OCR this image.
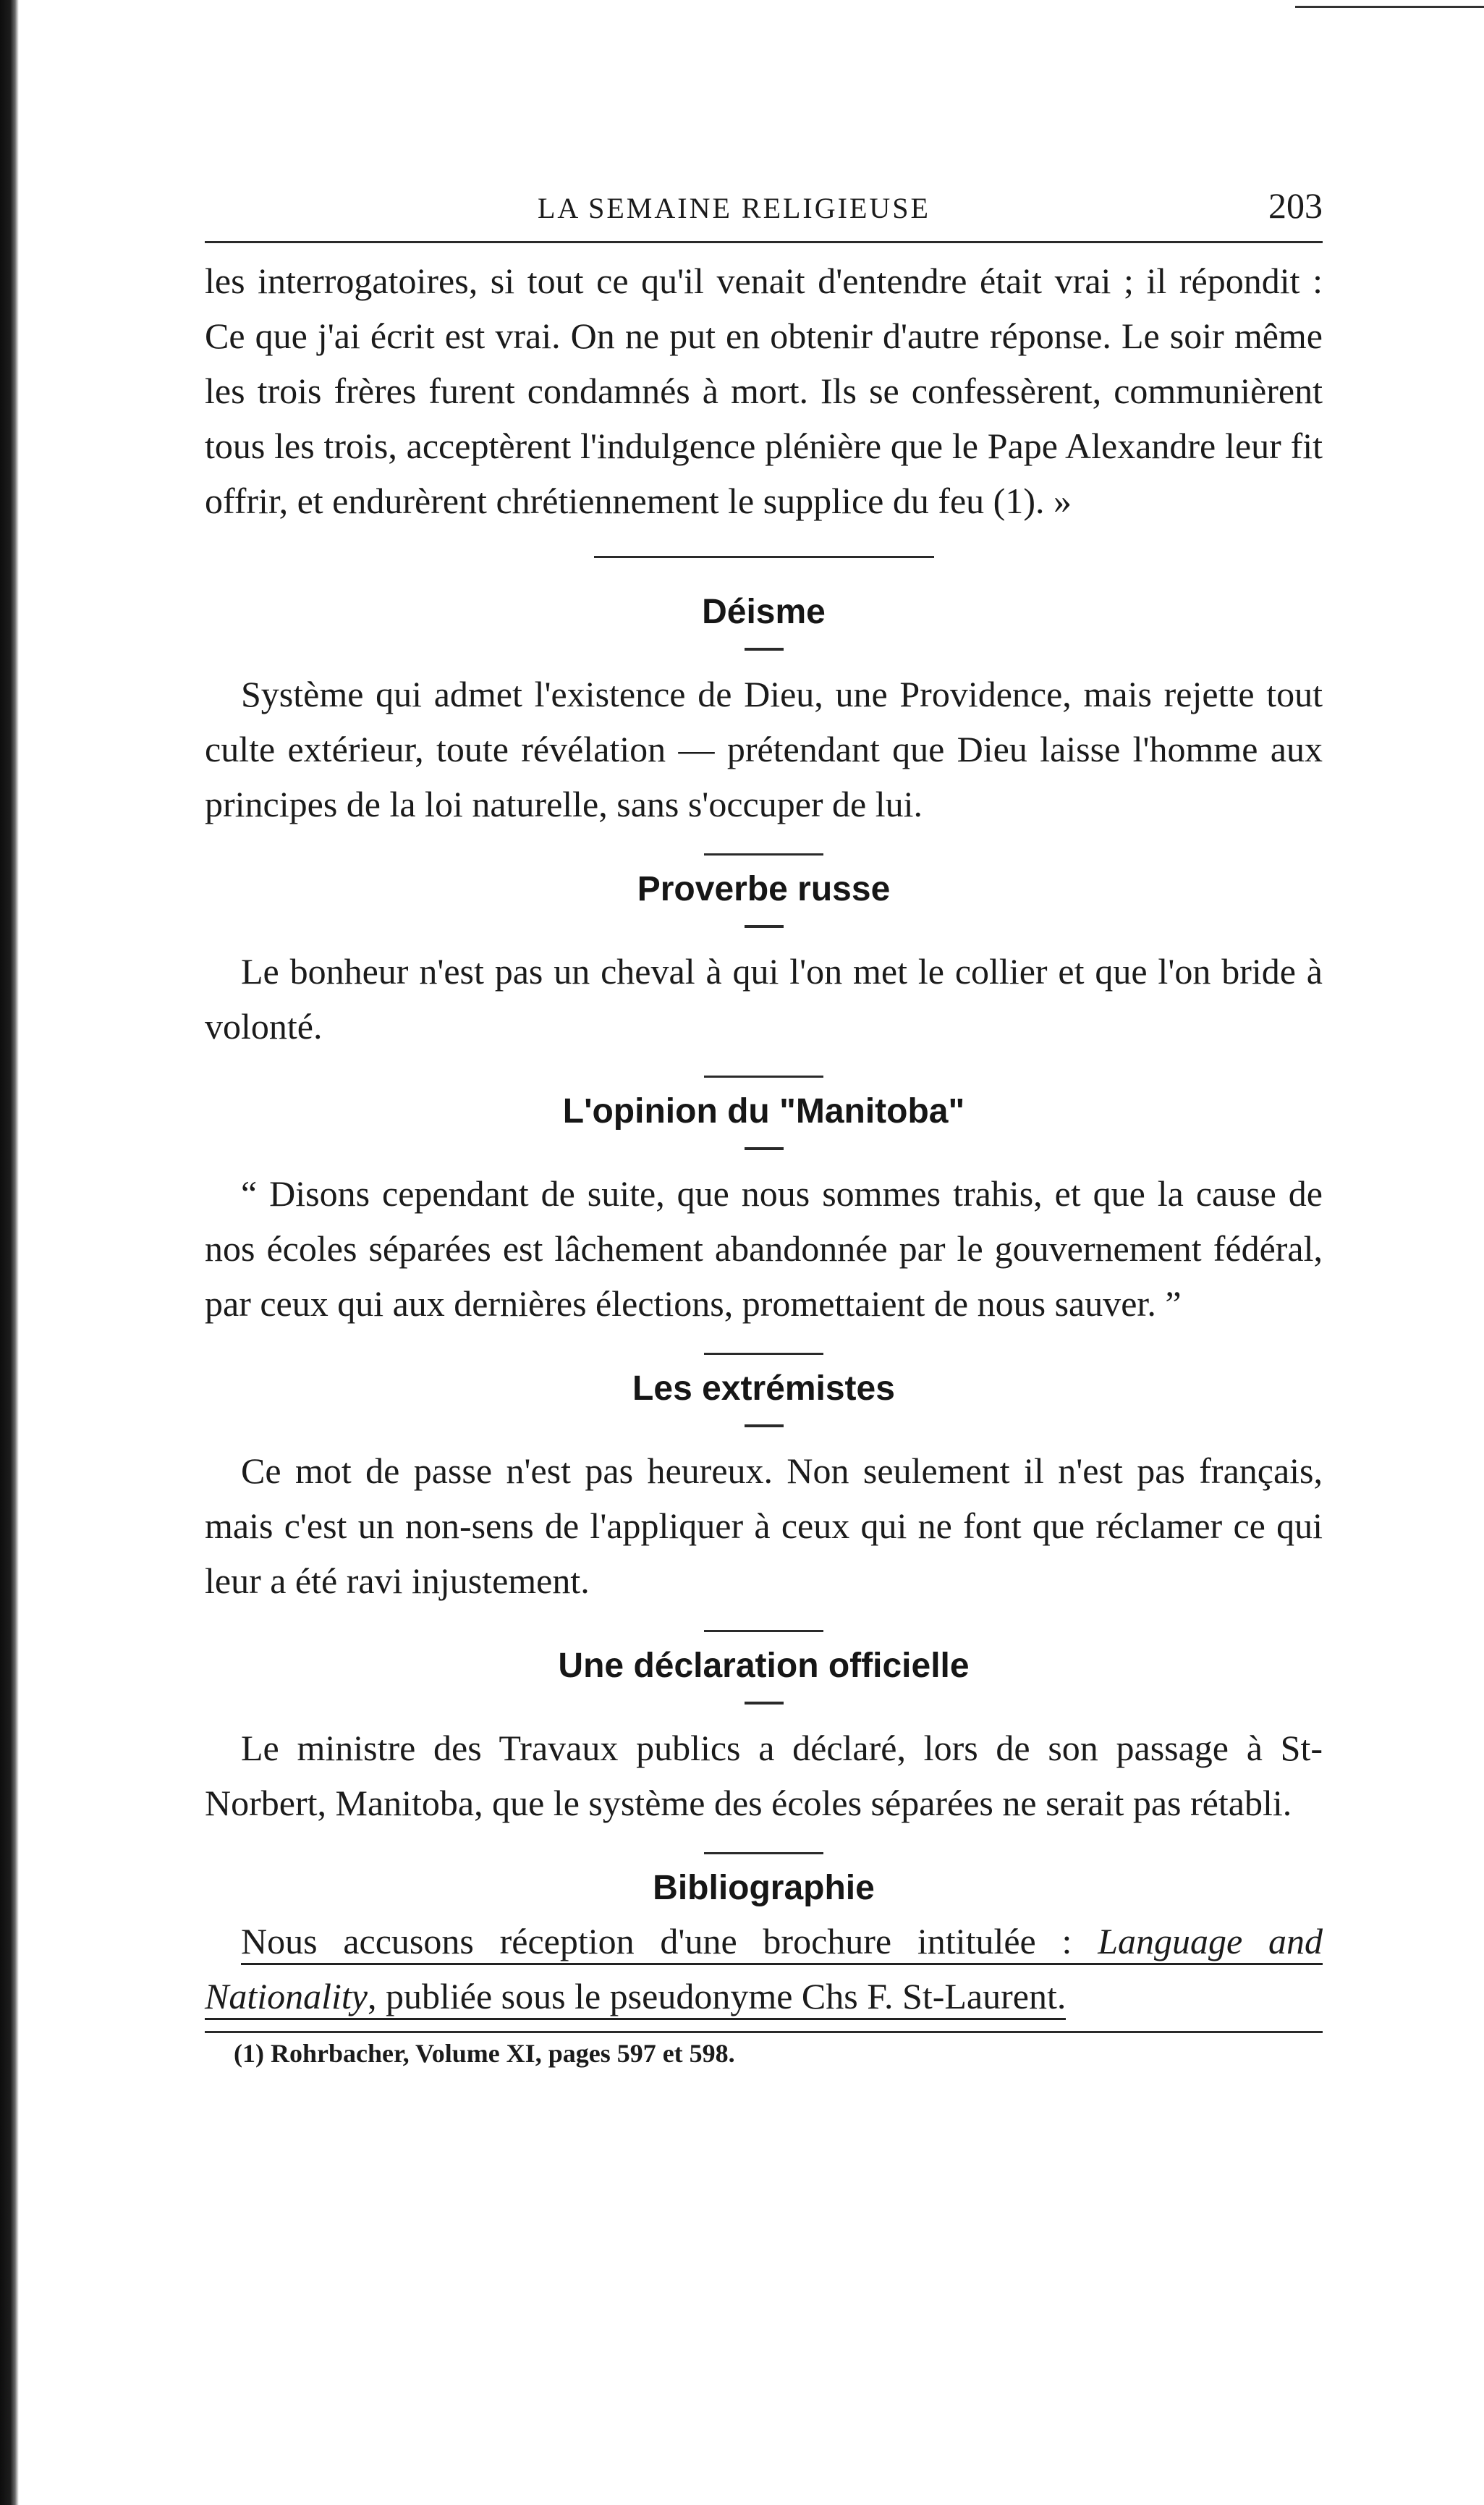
LA SEMAINE RELIGIEUSE	203

les interrogatoires, si tout ce qu'il venait d'entendre était vrai ; il répondit : Ce que j'ai écrit est vrai. On ne put en obtenir d'autre réponse. Le soir même les trois frères furent condamnés à mort. Ils se confessèrent, communièrent tous les trois, acceptèrent l'indulgence plénière que le Pape Alexandre leur fit offrir, et endurèrent chrétiennement le supplice du feu (1). »

Déisme

Système qui admet l'existence de Dieu, une Providence, mais rejette tout culte extérieur, toute révélation — prétendant que Dieu laisse l'homme aux principes de la loi naturelle, sans s'occuper de lui.

Proverbe russe

Le bonheur n'est pas un cheval à qui l'on met le collier et que l'on bride à volonté.

L'opinion du "Manitoba"

“ Disons cependant de suite, que nous sommes trahis, et que la cause de nos écoles séparées est lâchement abandonnée par le gouvernement fédéral, par ceux qui aux dernières élections, promettaient de nous sauver. ”

Les extrémistes

Ce mot de passe n'est pas heureux. Non seulement il n'est pas français, mais c'est un non-sens de l'appliquer à ceux qui ne font que réclamer ce qui leur a été ravi injustement.

Une déclaration officielle

Le ministre des Travaux publics a déclaré, lors de son passage à St-Norbert, Manitoba, que le système des écoles séparées ne serait pas rétabli.

Bibliographie

Nous accusons réception d'une brochure intitulée : Language and Nationality, publiée sous le pseudonyme Chs F. St-Laurent.

(1) Rohrbacher, Volume XI, pages 597 et 598.
